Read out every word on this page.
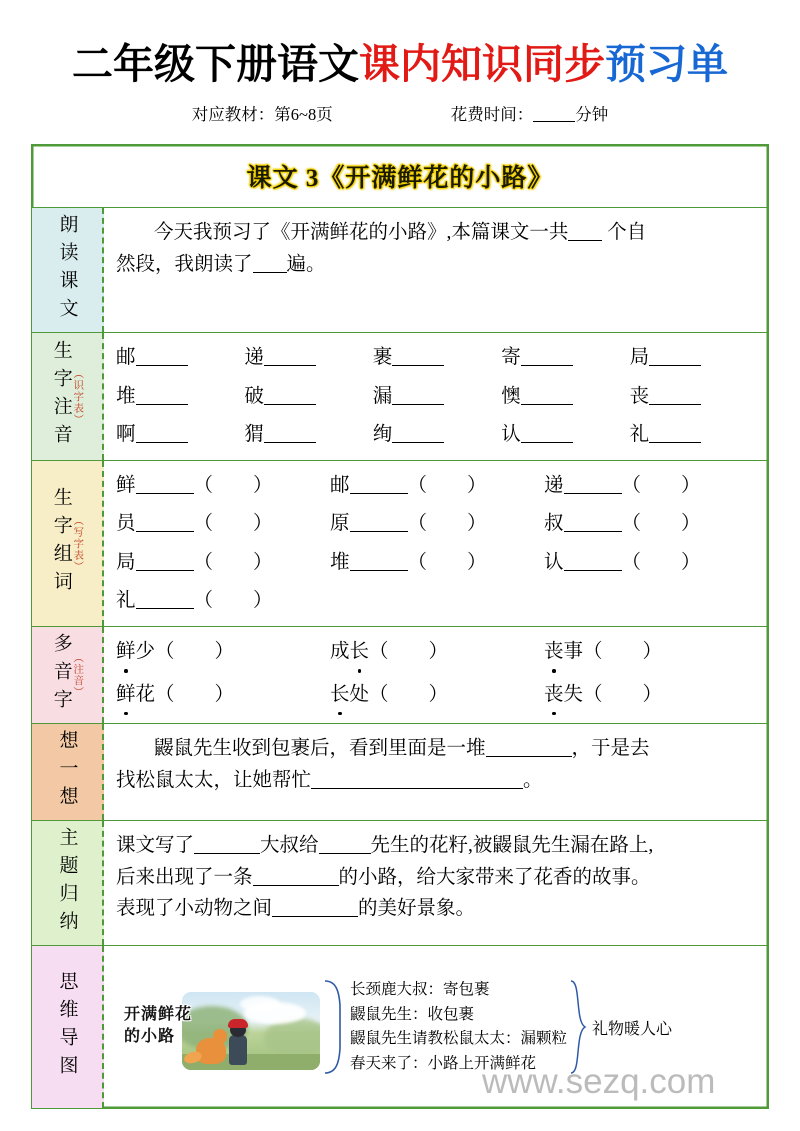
二年级下册语文课内知识同步预习单
对应教材：第6~8页	花费时间：	分钟
课文 3《开满鲜花的小路》
朗读课文	今天我预习了《开满鲜花的小路》,本篇课文一共 个自
然段，我朗读了 遍。
生字注音 （识字表）
邮	递	裹	寄	局
堆	破	漏	懊	丧
啊	猬	绚	认	礼
生字组词 （写字表）
鲜	（ ）	邮	（ ）	递	（ ）
员	（ ）	原	（ ）	叔	（ ）
局	（ ）	堆	（ ）	认	（ ）
礼	（ ）
多音字 （注音）
鲜少（ ）	成长（ ）	丧事（ ）
鲜花（ ）	长处（ ）	丧失（ ）
想一想	鼹鼠先生收到包裹后，看到里面是一堆	，于是去
找松鼠太太，让她帮忙	。
主题归纳 课文写了	大叔给	先生的花籽,被鼹鼠先生漏在路上,
后来出现了一条	的小路，给大家带来了花香的故事。
表现了小动物之间	的美好景象。
思维导图	开满鲜花
的小路
长颈鹿大叔：寄包裹
鼹鼠先生：收包裹
鼹鼠先生请教松鼠太太：漏颗粒
春天来了：小路上开满鲜花
礼物暖人心
www.sezq.com
